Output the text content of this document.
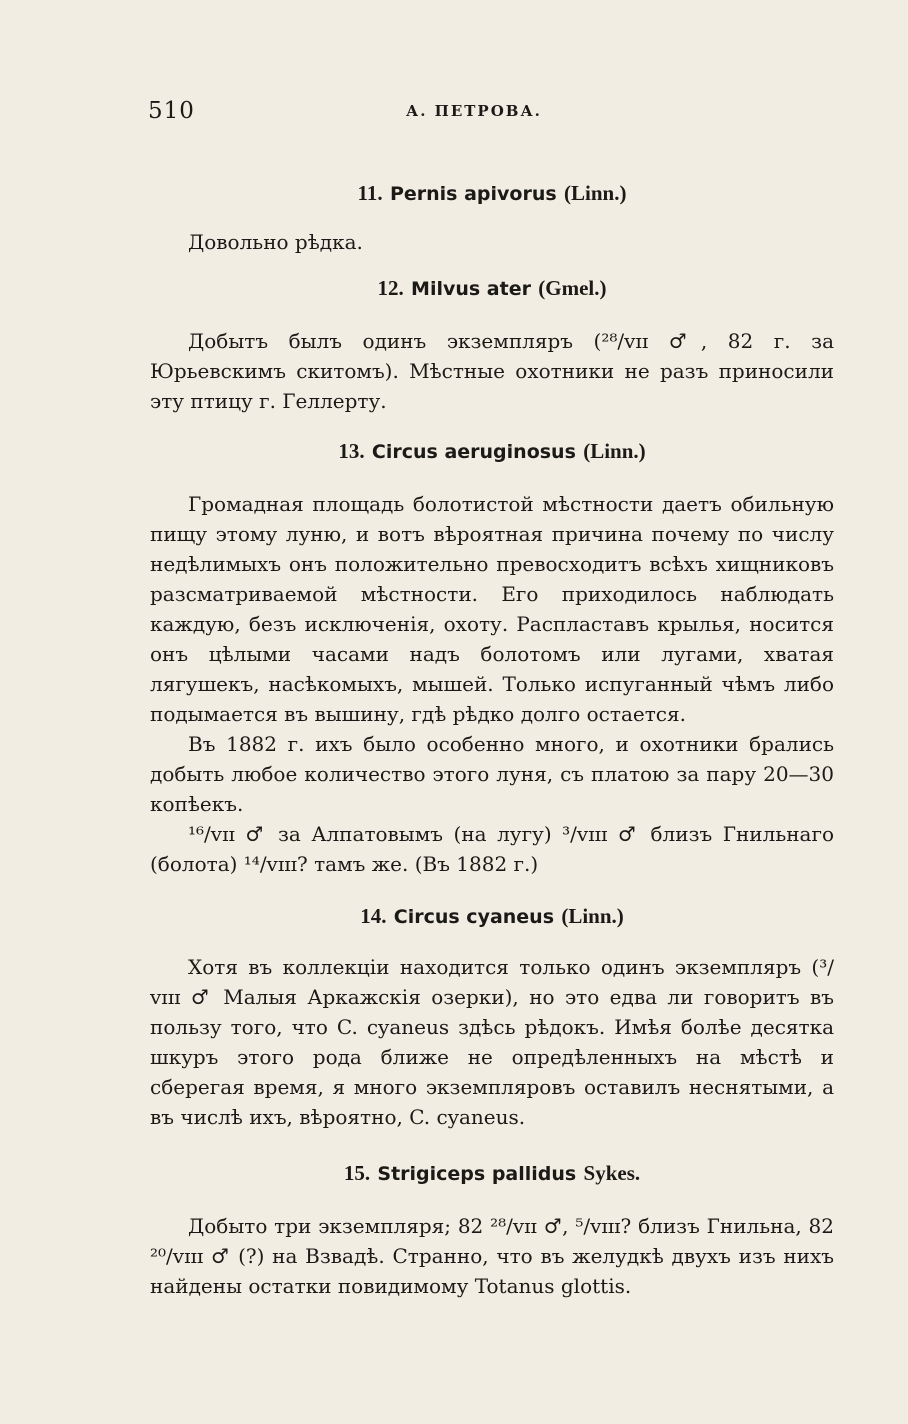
510	А. ПЕТРОВА.
11. Pernis apivorus (Linn.)

Довольно рѣдка.

12. Milvus ater (Gmel.)

Добытъ былъ одинъ экземпляръ (²⁸/ᴠɪɪ ♂, 82 г. за Юрьевскимъ скитомъ). Мѣстные охотники не разъ приносили эту птицу г. Геллерту.

13. Circus aeruginosus (Linn.)

Громадная площадь болотистой мѣстности даетъ обильную пищу этому луню, и вотъ вѣроятная причина почему по числу недѣлимыхъ онъ положительно превосходитъ всѣхъ хищниковъ разсматриваемой мѣстности. Его приходилось наблюдать каждую, безъ исключенія, охоту. Распластавъ крылья, носится онъ цѣлыми часами надъ болотомъ или лугами, хватая лягушекъ, насѣкомыхъ, мышей. Только испуганный чѣмъ либо подымается въ вышину, гдѣ рѣдко долго остается.

Въ 1882 г. ихъ было особенно много, и охотники брались добыть любое количество этого луня, съ платою за пару 20—30 копѣекъ.

¹⁶/ᴠɪɪ ♂ за Алпатовымъ (на лугу) ³/ᴠɪɪɪ ♂ близъ Гнильнаго (болота) ¹⁴/ᴠɪɪɪ? тамъ же. (Въ 1882 г.)

14. Circus cyaneus (Linn.)

Хотя въ коллекціи находится только одинъ экземпляръ (³/ᴠɪɪɪ ♂ Малыя Аркажскія озерки), но это едва ли говоритъ въ пользу того, что C. cyaneus здѣсь рѣдокъ. Имѣя болѣе десятка шкуръ этого рода ближе не опредѣленныхъ на мѣстѣ и сберегая время, я много экземпляровъ оставилъ неснятыми, а въ числѣ ихъ, вѣроятно, C. cyaneus.

15. Strigiceps pallidus Sykes.

Добыто три экземпляря; 82 ²⁸/ᴠɪɪ ♂, ⁵/ᴠɪɪɪ? близъ Гнильна, 82 ²⁰/ᴠɪɪɪ ♂ (?) на Взвадѣ. Странно, что въ желудкѣ двухъ изъ нихъ найдены остатки повидимому Totanus glottis.
